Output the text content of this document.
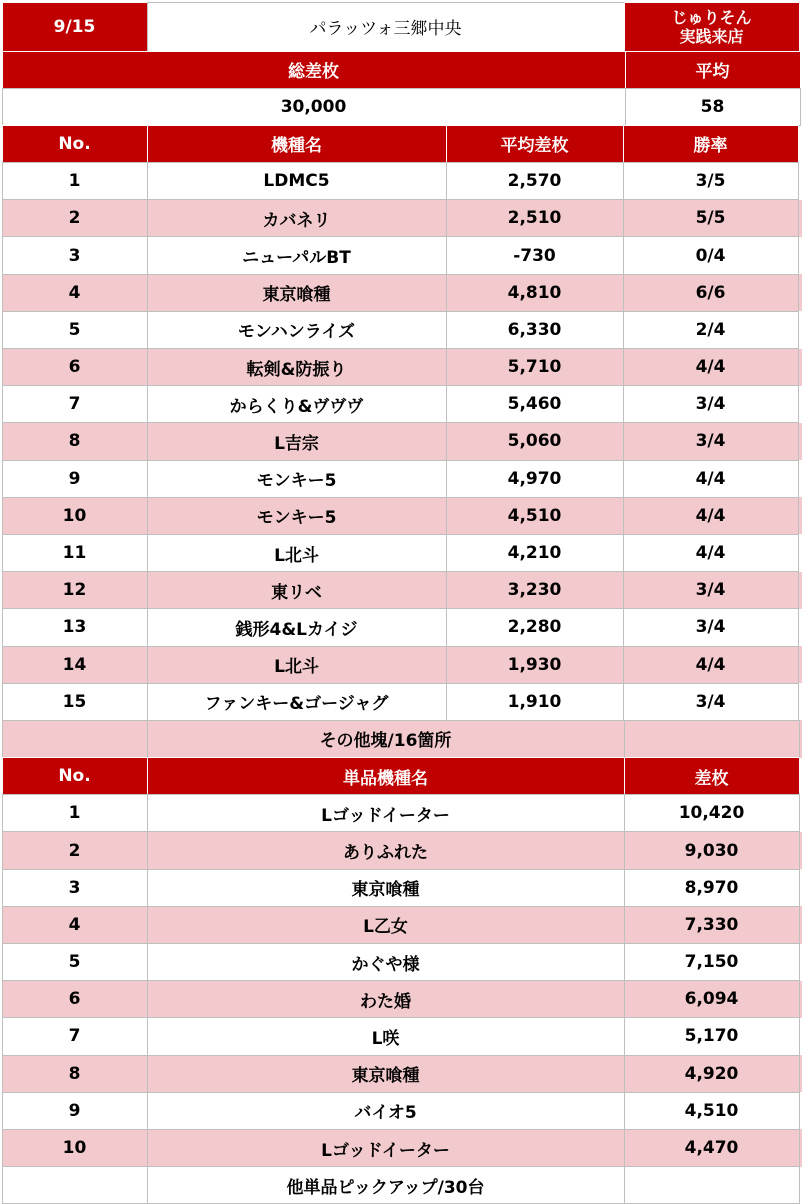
9/15	パラッツォ三郷中央
じゅりそん
実践来店
総差枚	平均
30,000	58
No.	機種名	平均差枚	勝率
1	LDMC5	2,570	3/5
2	カバネリ	2,510	5/5
3	ニューパルBT	-730	0/4
4	東京喰種	4,810	6/6
5	モンハンライズ	6,330	2/4
6	転剣&防振り	5,710	4/4
7	からくり&ヴヴヴ	5,460	3/4
8	L吉宗	5,060	3/4
9	モンキー5	4,970	4/4
10	モンキー5	4,510	4/4
11	L北斗	4,210	4/4
12	東リベ	3,230	3/4
13	銭形4&Lカイジ	2,280	3/4
14	L北斗	1,930	4/4
15	ファンキー&ゴージャグ	1,910	3/4
その他塊/16箇所
No.	単品機種名	差枚
1	Lゴッドイーター	10,420
2	ありふれた	9,030
3	東京喰種	8,970
4	L乙女	7,330
5	かぐや様	7,150
6	わた婚	6,094
7	L咲	5,170
8	東京喰種	4,920
9	バイオ5	4,510
10	Lゴッドイーター	4,470
他単品ピックアップ/30台
